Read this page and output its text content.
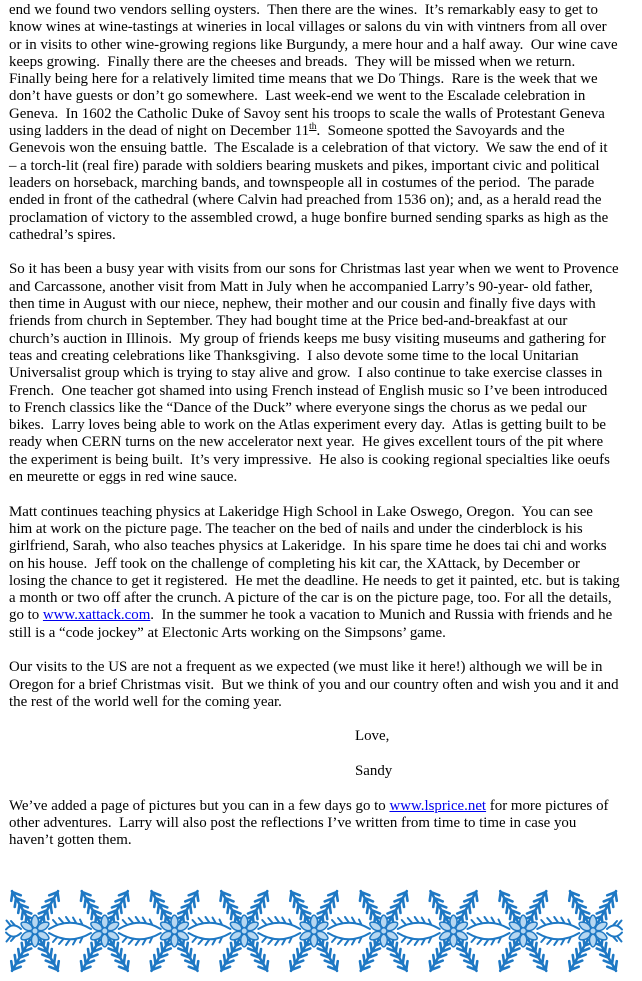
end we found two vendors selling oysters.  Then there are the wines.  It’s remarkably easy to get to
know wines at wine-tastings at wineries in local villages or salons du vin with vintners from all over
or in visits to other wine-growing regions like Burgundy, a mere hour and a half away.  Our wine cave
keeps growing.  Finally there are the cheeses and breads.  They will be missed when we return.
Finally being here for a relatively limited time means that we Do Things.  Rare is the week that we
don’t have guests or don’t go somewhere.  Last week-end we went to the Escalade celebration in
Geneva.  In 1602 the Catholic Duke of Savoy sent his troops to scale the walls of Protestant Geneva
using ladders in the dead of night on December 11th.  Someone spotted the Savoyards and the
Genevois won the ensuing battle.  The Escalade is a celebration of that victory.  We saw the end of it
– a torch-lit (real fire) parade with soldiers bearing muskets and pikes, important civic and political
leaders on horseback, marching bands, and townspeople all in costumes of the period.  The parade
ended in front of the cathedral (where Calvin had preached from 1536 on); and, as a herald read the
proclamation of victory to the assembled crowd, a huge bonfire burned sending sparks as high as the
cathedral’s spires.
So it has been a busy year with visits from our sons for Christmas last year when we went to Provence
and Carcassone, another visit from Matt in July when he accompanied Larry’s 90-year- old father,
then time in August with our niece, nephew, their mother and our cousin and finally five days with
friends from church in September. They had bought time at the Price bed-and-breakfast at our
church’s auction in Illinois.  My group of friends keeps me busy visiting museums and gathering for
teas and creating celebrations like Thanksgiving.  I also devote some time to the local Unitarian
Universalist group which is trying to stay alive and grow.  I also continue to take exercise classes in
French.  One teacher got shamed into using French instead of English music so I’ve been introduced
to French classics like the “Dance of the Duck” where everyone sings the chorus as we pedal our
bikes.  Larry loves being able to work on the Atlas experiment every day.  Atlas is getting built to be
ready when CERN turns on the new accelerator next year.  He gives excellent tours of the pit where
the experiment is being built.  It’s very impressive.  He also is cooking regional specialties like oeufs
en meurette or eggs in red wine sauce.
Matt continues teaching physics at Lakeridge High School in Lake Oswego, Oregon.  You can see
him at work on the picture page. The teacher on the bed of nails and under the cinderblock is his
girlfriend, Sarah, who also teaches physics at Lakeridge.  In his spare time he does tai chi and works
on his house.  Jeff took on the challenge of completing his kit car, the XAttack, by December or
losing the chance to get it registered.  He met the deadline. He needs to get it painted, etc. but is taking
a month or two off after the crunch. A picture of the car is on the picture page, too. For all the details,
go to www.xattack.com.  In the summer he took a vacation to Munich and Russia with friends and he
still is a “code jockey” at Electonic Arts working on the Simpsons’ game.
Our visits to the US are not a frequent as we expected (we must like it here!) although we will be in
Oregon for a brief Christmas visit.  But we think of you and our country often and wish you and it and
the rest of the world well for the coming year.
Love,
Sandy
We’ve added a page of pictures but you can in a few days go to www.lsprice.net for more pictures of
other adventures.  Larry will also post the reflections I’ve written from time to time in case you
haven’t gotten them.
